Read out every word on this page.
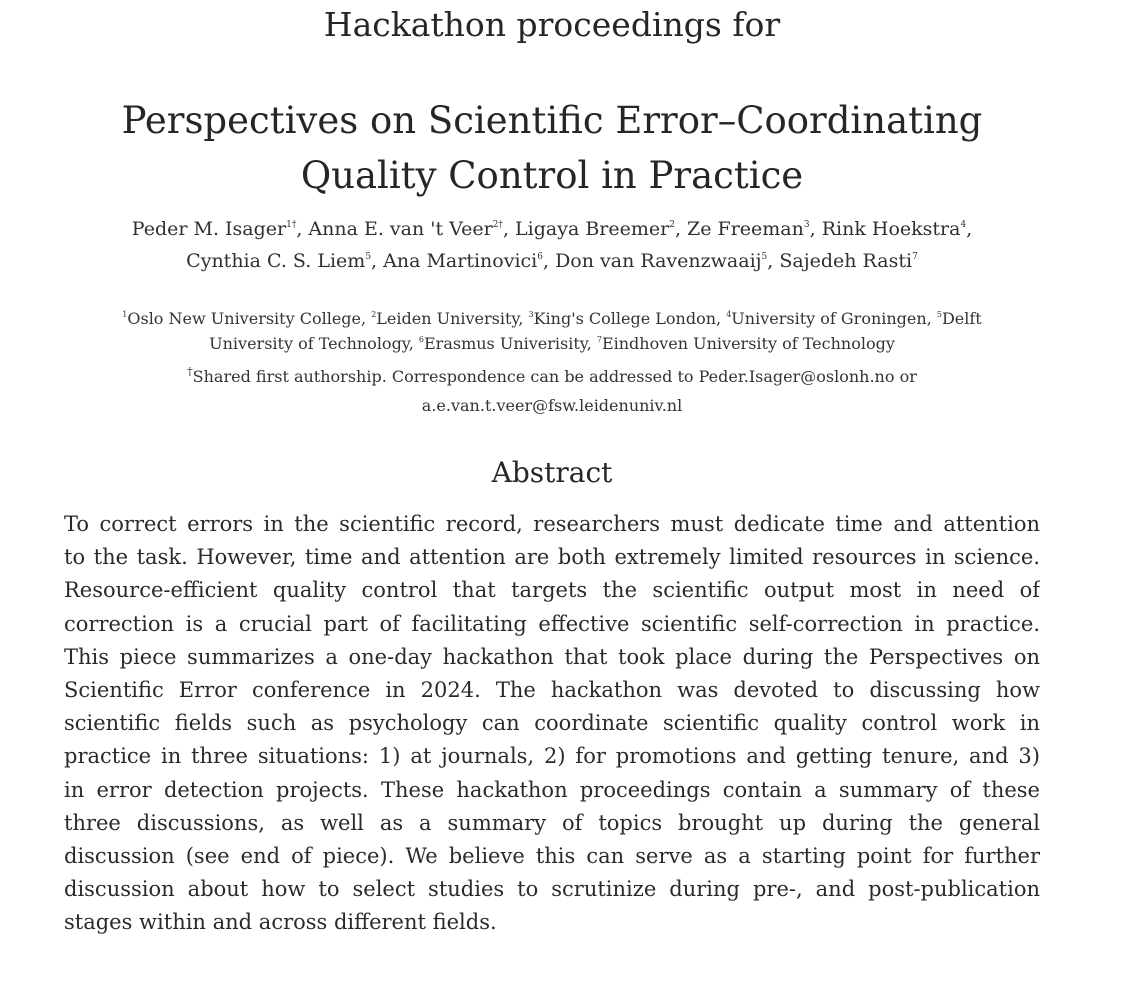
Hackathon proceedings for
Perspectives on Scientific Error–Coordinating
Quality Control in Practice
Peder M. Isager$^{1\dagger}$, Anna E. van 't Veer$^{2\dagger}$, Ligaya Breemer$^2$, Ze Freeman$^3$, Rink Hoekstra$^4$,
Cynthia C. S. Liem$^5$, Ana Martinovici$^6$, Don van Ravenzwaaij$^5$, Sajedeh Rasti$^7$
$^1$Oslo New University College, $^2$Leiden University, $^3$King's College London, $^4$University of Groningen, $^5$Delft
University of Technology, $^6$Erasmus Univerisity, $^7$Eindhoven University of Technology
†Shared first authorship. Correspondence can be addressed to Peder.Isager@oslonh.no or
a.e.van.t.veer@fsw.leidenuniv.nl
Abstract
To correct errors in the scientific record, researchers must dedicate time and attention
to the task. However, time and attention are both extremely limited resources in science.
Resource-efficient quality control that targets the scientific output most in need of
correction is a crucial part of facilitating effective scientific self-correction in practice.
This piece summarizes a one-day hackathon that took place during the Perspectives on
Scientific Error conference in 2024. The hackathon was devoted to discussing how
scientific fields such as psychology can coordinate scientific quality control work in
practice in three situations: 1) at journals, 2) for promotions and getting tenure, and 3)
in error detection projects. These hackathon proceedings contain a summary of these
three discussions, as well as a summary of topics brought up during the general
discussion (see end of piece). We believe this can serve as a starting point for further
discussion about how to select studies to scrutinize during pre-, and post-publication
stages within and across different fields.
